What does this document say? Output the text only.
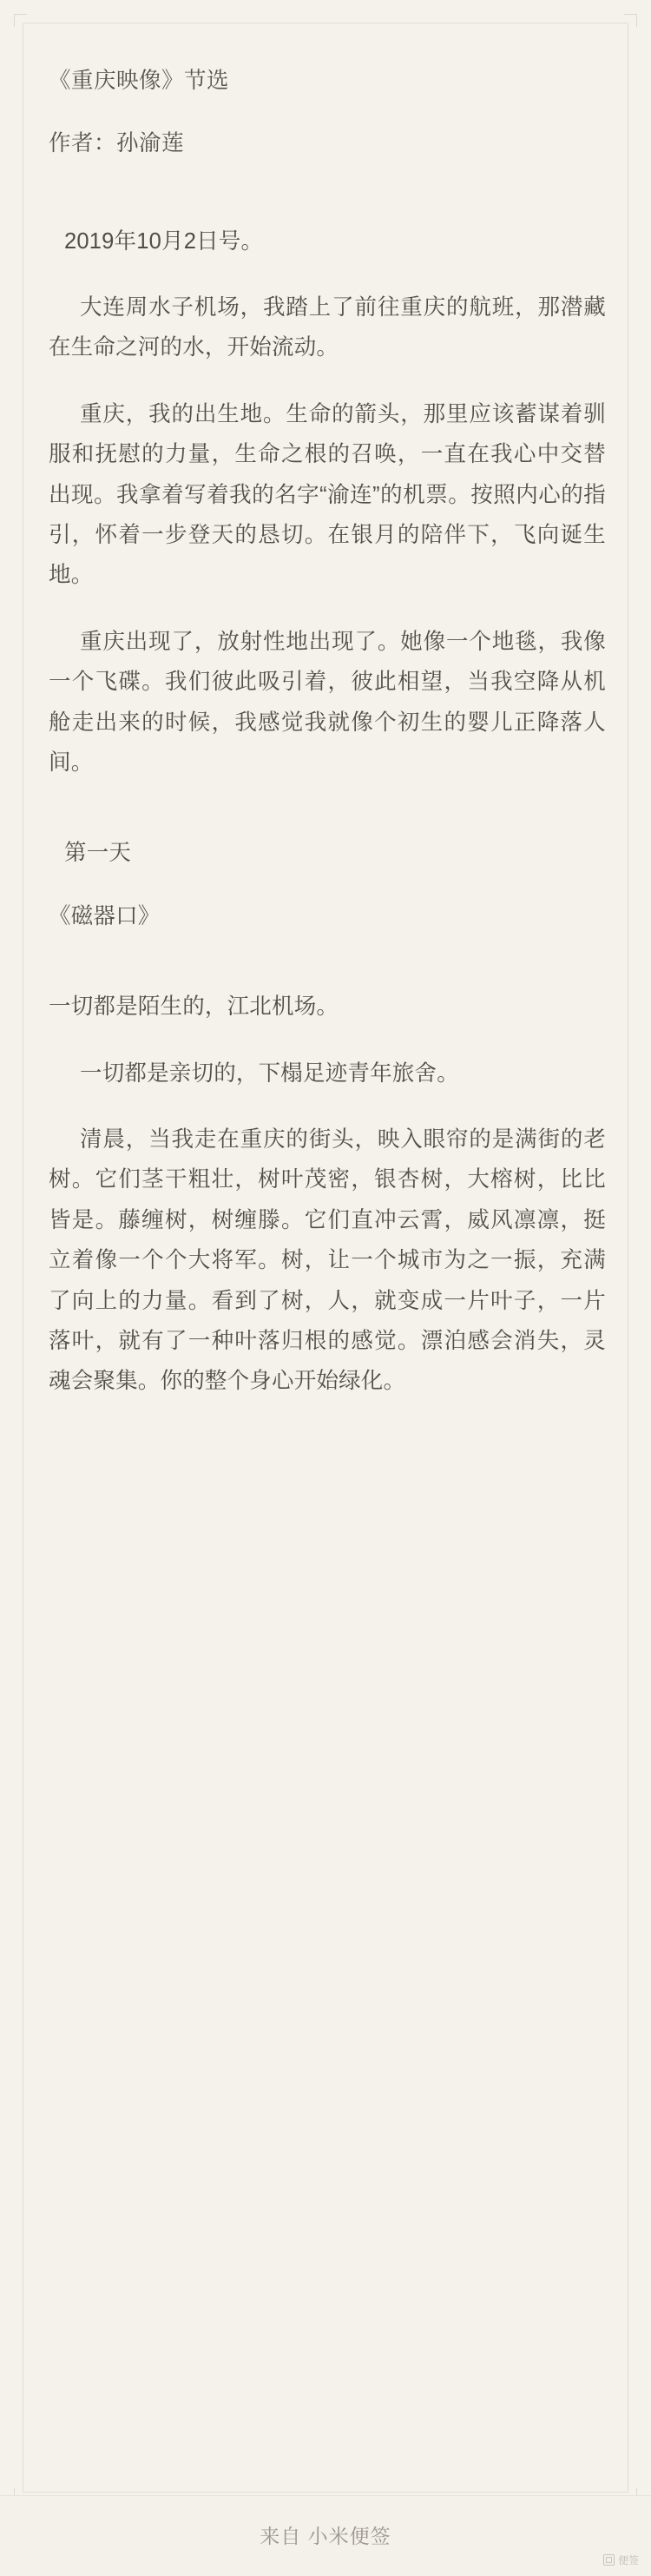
《重庆映像》节选
作者：孙渝莲

2019年10月2日号。

大连周水子机场，我踏上了前往重庆的航班，那潜藏在生命之河的水，开始流动。

重庆，我的出生地。生命的箭头，那里应该蓄谋着驯服和抚慰的力量，生命之根的召唤，一直在我心中交替出现。我拿着写着我的名字“渝连”的机票。按照内心的指引，怀着一步登天的恳切。在银月的陪伴下，飞向诞生地。

重庆出现了，放射性地出现了。她像一个地毯，我像一个飞碟。我们彼此吸引着，彼此相望，当我空降从机舱走出来的时候，我感觉我就像个初生的婴儿正降落人间。

第一天

《磁器口》

一切都是陌生的，江北机场。

一切都是亲切的，下榻足迹青年旅舍。

清晨，当我走在重庆的街头，映入眼帘的是满街的老树。它们茎干粗壮，树叶茂密，银杏树，大榕树，比比皆是。藤缠树，树缠滕。它们直冲云霄，威风凛凛，挺立着像一个个大将军。树，让一个城市为之一振，充满了向上的力量。看到了树，人，就变成一片叶子，一片落叶，就有了一种叶落归根的感觉。漂泊感会消失，灵魂会聚集。你的整个身心开始绿化。

来自 小米便签
便签
